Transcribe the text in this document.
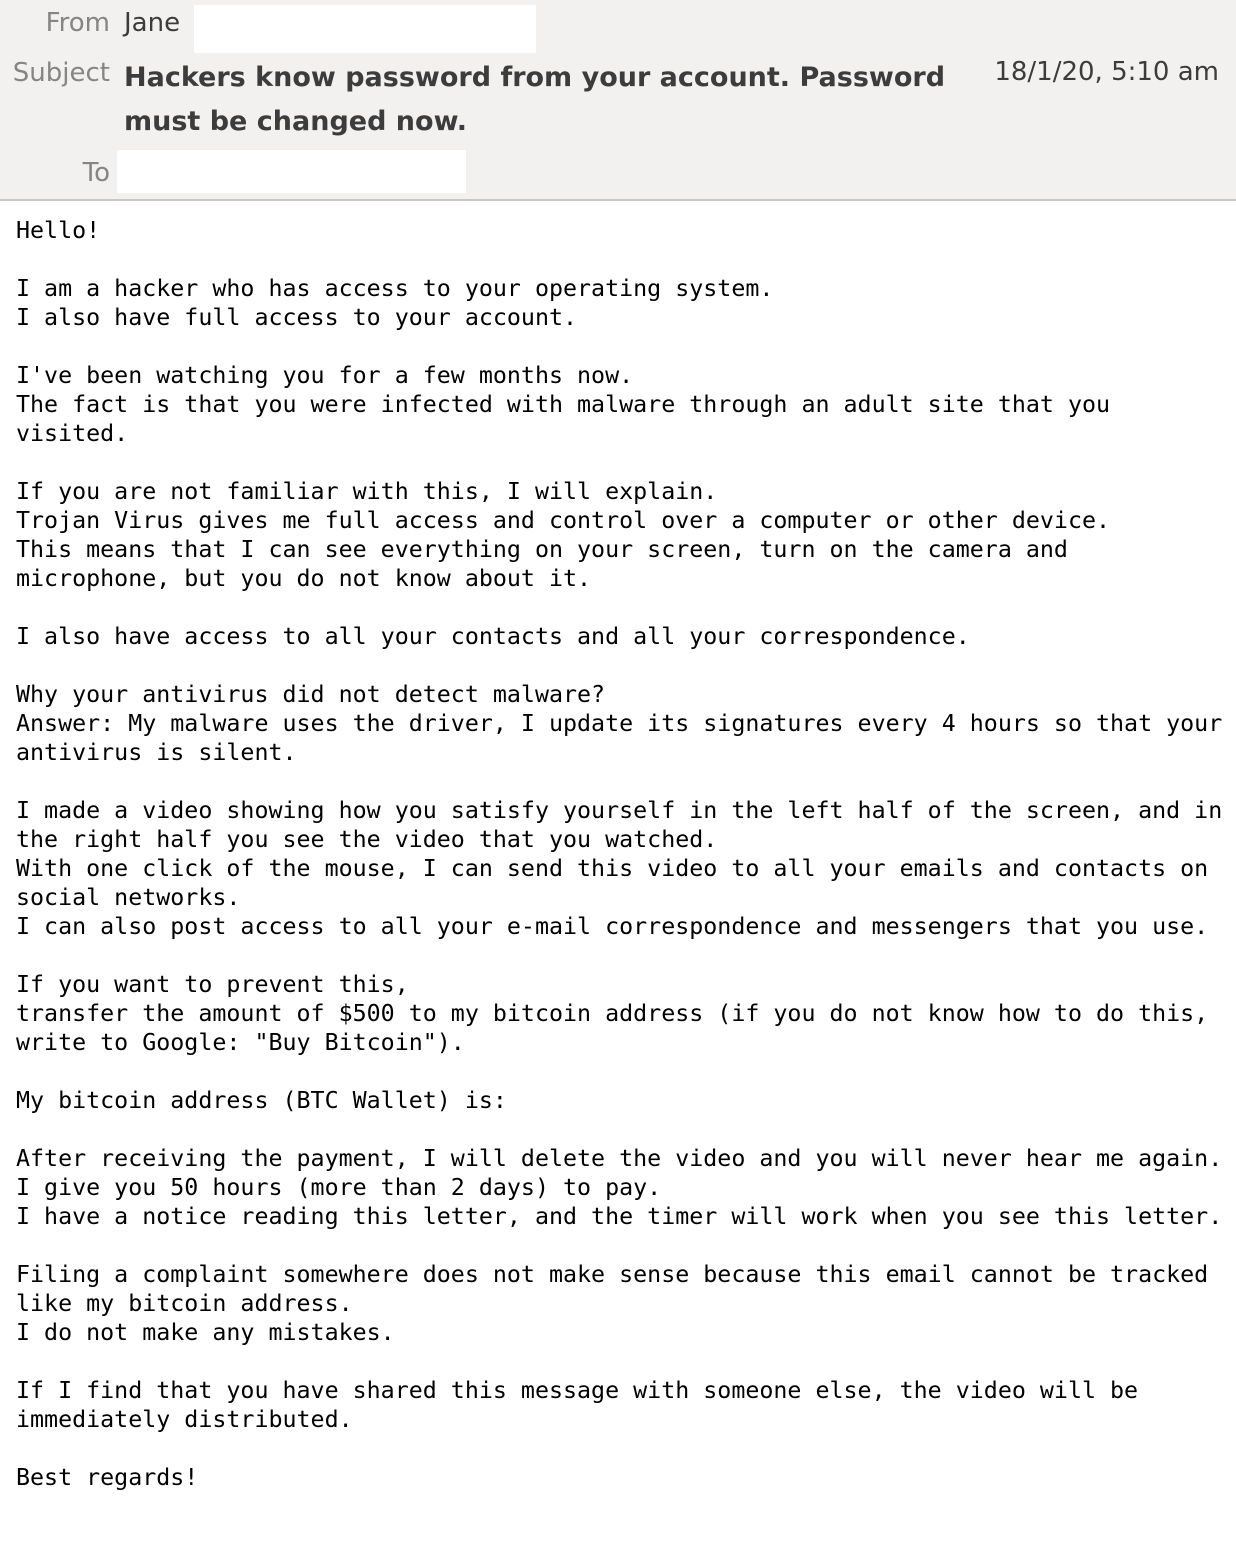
From Jane
Subject Hackers know password from your account. Password must be changed now.
18/1/20, 5:10 am
To
Hello!

I am a hacker who has access to your operating system.
I also have full access to your account.

I've been watching you for a few months now.
The fact is that you were infected with malware through an adult site that you
visited.

If you are not familiar with this, I will explain.
Trojan Virus gives me full access and control over a computer or other device.
This means that I can see everything on your screen, turn on the camera and
microphone, but you do not know about it.

I also have access to all your contacts and all your correspondence.

Why your antivirus did not detect malware?
Answer: My malware uses the driver, I update its signatures every 4 hours so that your
antivirus is silent.

I made a video showing how you satisfy yourself in the left half of the screen, and in
the right half you see the video that you watched.
With one click of the mouse, I can send this video to all your emails and contacts on
social networks.
I can also post access to all your e-mail correspondence and messengers that you use.

If you want to prevent this,
transfer the amount of $500 to my bitcoin address (if you do not know how to do this,
write to Google: "Buy Bitcoin").

My bitcoin address (BTC Wallet) is:

After receiving the payment, I will delete the video and you will never hear me again.
I give you 50 hours (more than 2 days) to pay.
I have a notice reading this letter, and the timer will work when you see this letter.

Filing a complaint somewhere does not make sense because this email cannot be tracked
like my bitcoin address.
I do not make any mistakes.

If I find that you have shared this message with someone else, the video will be
immediately distributed.

Best regards!
